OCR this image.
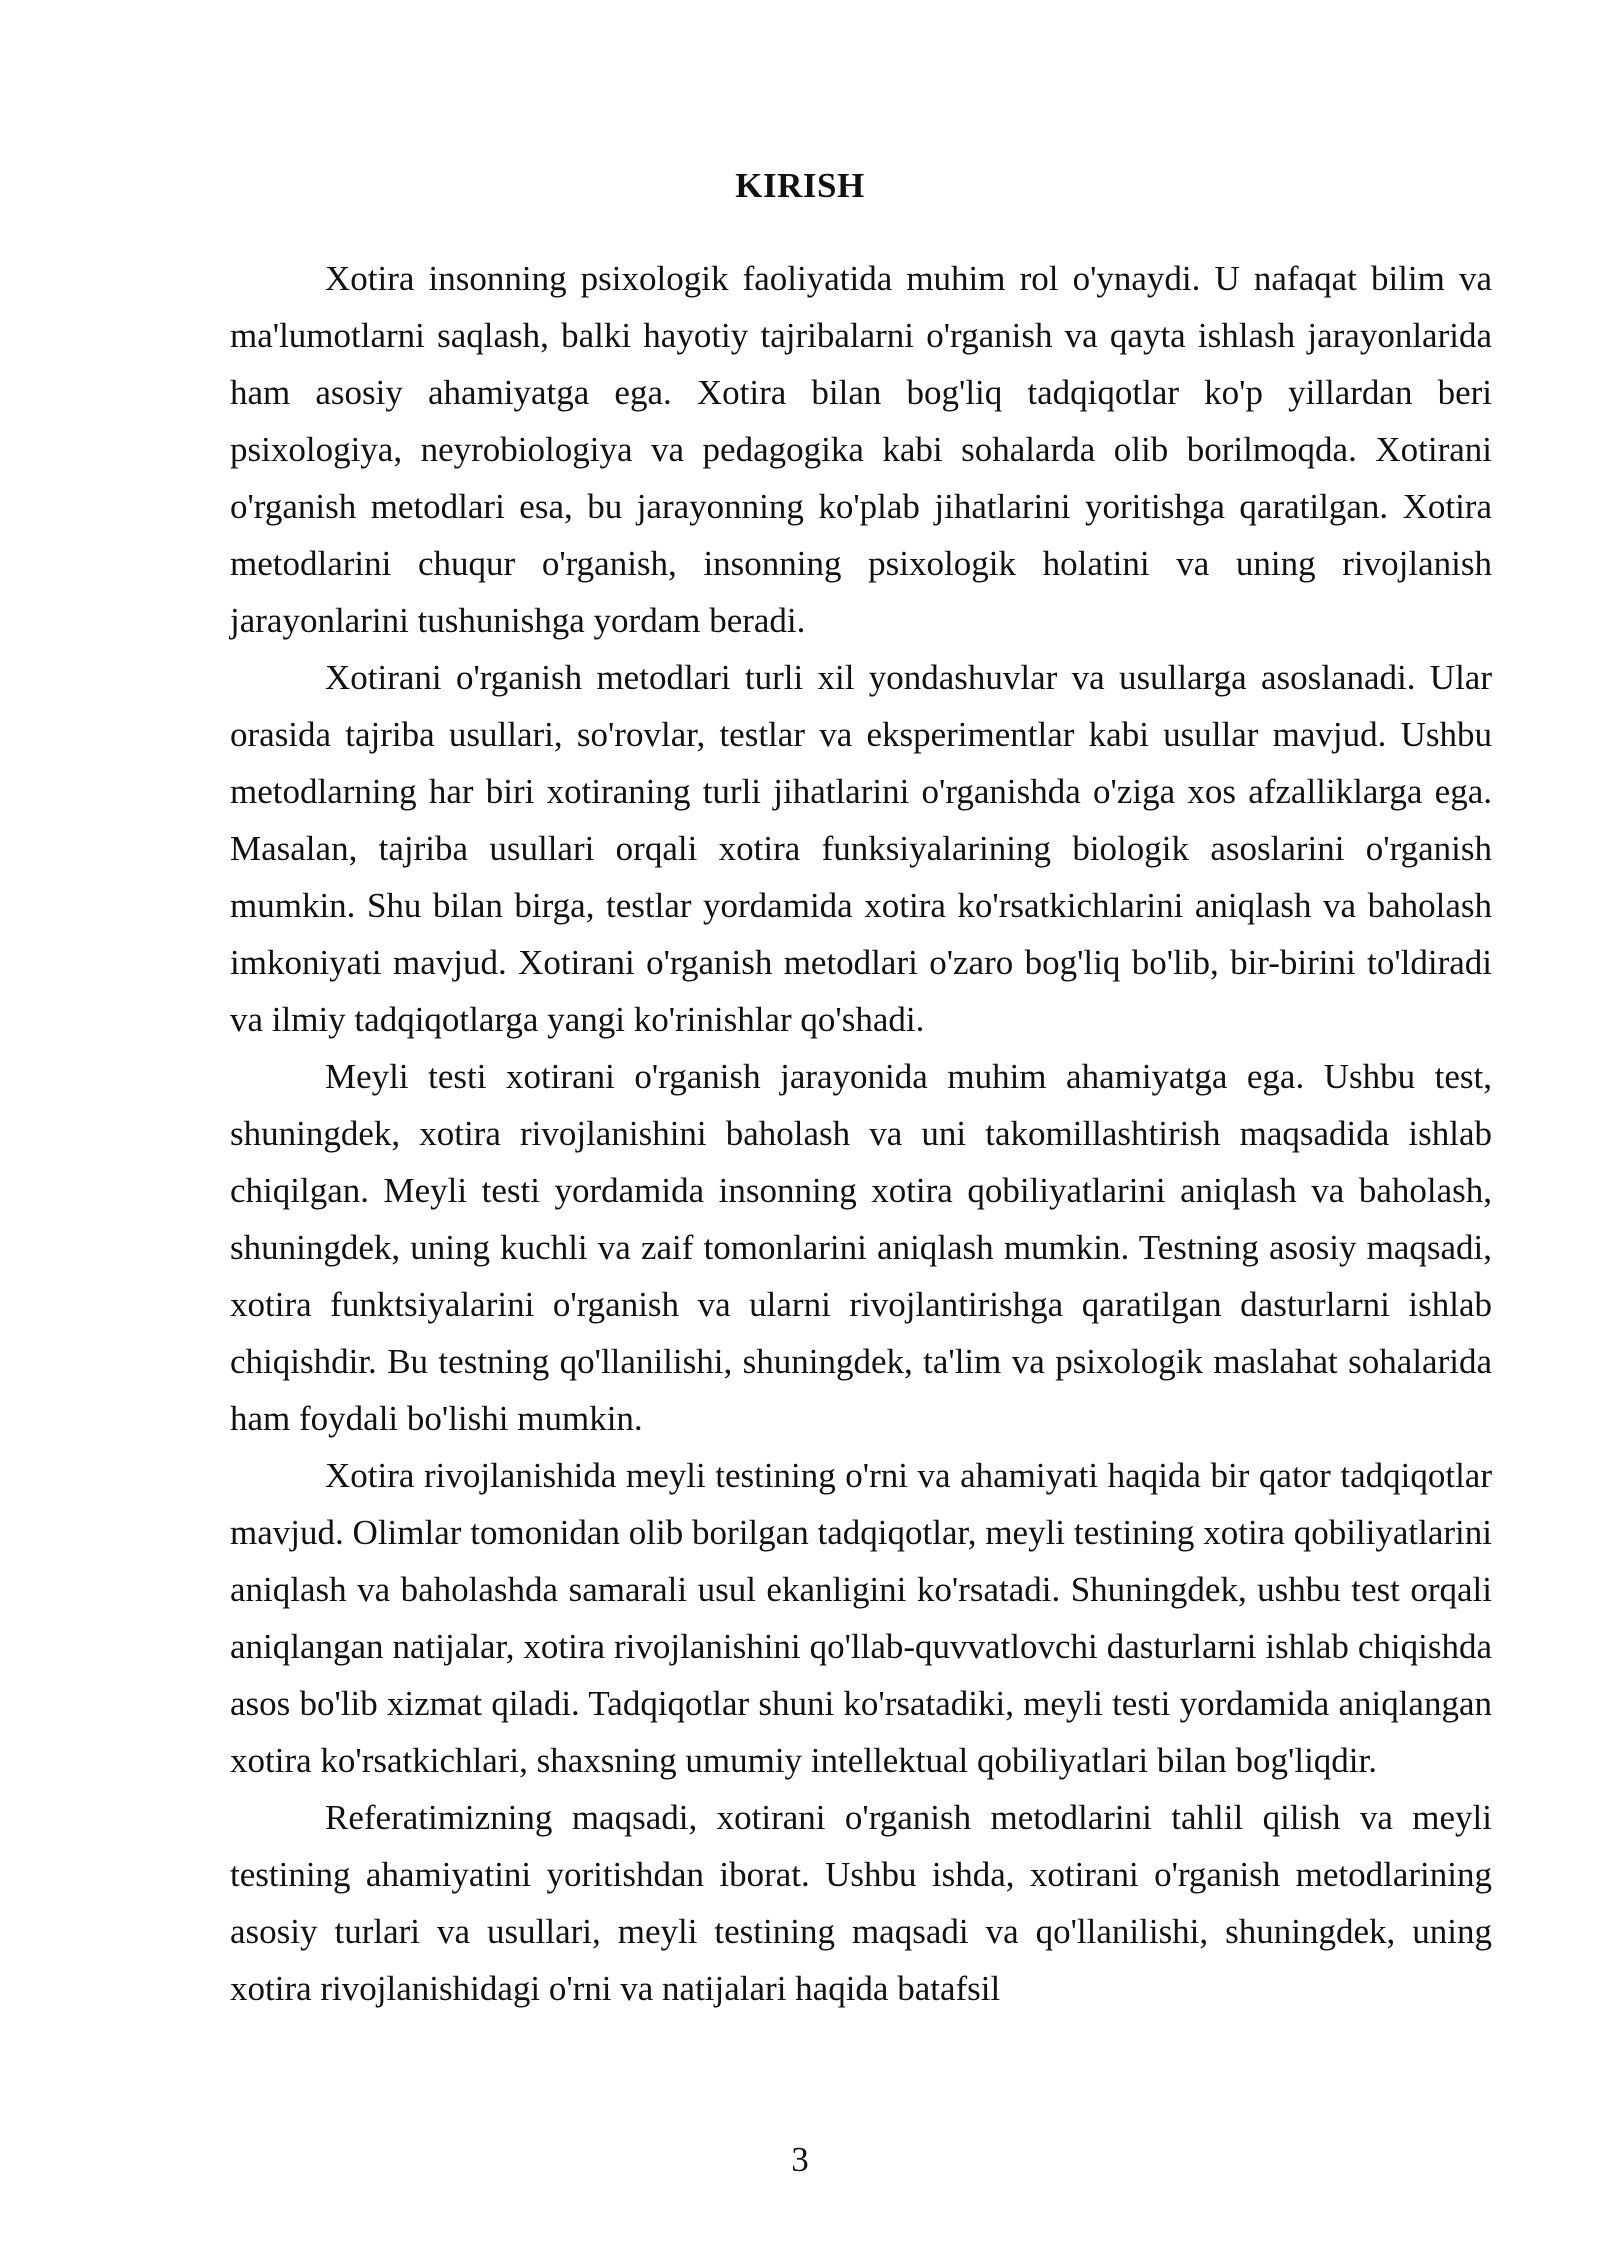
KIRISH

Xotira insonning psixologik faoliyatida muhim rol o'ynaydi. U nafaqat bilim va ma'lumotlarni saqlash, balki hayotiy tajribalarni o'rganish va qayta ishlash jarayonlarida ham asosiy ahamiyatga ega. Xotira bilan bog'liq tadqiqotlar ko'p yillardan beri psixologiya, neyrobiologiya va pedagogika kabi sohalarda olib borilmoqda. Xotirani o'rganish metodlari esa, bu jarayonning ko'plab jihatlarini yoritishga qaratilgan. Xotira metodlarini chuqur o'rganish, insonning psixologik holatini va uning rivojlanish jarayonlarini tushunishga yordam beradi.

Xotirani o'rganish metodlari turli xil yondashuvlar va usullarga asoslanadi. Ular orasida tajriba usullari, so'rovlar, testlar va eksperimentlar kabi usullar mavjud. Ushbu metodlarning har biri xotiraning turli jihatlarini o'rganishda o'ziga xos afzalliklarga ega. Masalan, tajriba usullari orqali xotira funksiyalarining biologik asoslarini o'rganish mumkin. Shu bilan birga, testlar yordamida xotira ko'rsatkichlarini aniqlash va baholash imkoniyati mavjud. Xotirani o'rganish metodlari o'zaro bog'liq bo'lib, bir-birini to'ldiradi va ilmiy tadqiqotlarga yangi ko'rinishlar qo'shadi.

Meyli testi xotirani o'rganish jarayonida muhim ahamiyatga ega. Ushbu test, shuningdek, xotira rivojlanishini baholash va uni takomillashtirish maqsadida ishlab chiqilgan. Meyli testi yordamida insonning xotira qobiliyatlarini aniqlash va baholash, shuningdek, uning kuchli va zaif tomonlarini aniqlash mumkin. Testning asosiy maqsadi, xotira funktsiyalarini o'rganish va ularni rivojlantirishga qaratilgan dasturlarni ishlab chiqishdir. Bu testning qo'llanilishi, shuningdek, ta'lim va psixologik maslahat sohalarida ham foydali bo'lishi mumkin.

Xotira rivojlanishida meyli testining o'rni va ahamiyati haqida bir qator tadqiqotlar mavjud. Olimlar tomonidan olib borilgan tadqiqotlar, meyli testining xotira qobiliyatlarini aniqlash va baholashda samarali usul ekanligini ko'rsatadi. Shuningdek, ushbu test orqali aniqlangan natijalar, xotira rivojlanishini qo'llab-quvvatlovchi dasturlarni ishlab chiqishda asos bo'lib xizmat qiladi. Tadqiqotlar shuni ko'rsatadiki, meyli testi yordamida aniqlangan xotira ko'rsatkichlari, shaxsning umumiy intellektual qobiliyatlari bilan bog'liqdir.

Referatimizning maqsadi, xotirani o'rganish metodlarini tahlil qilish va meyli testining ahamiyatini yoritishdan iborat. Ushbu ishda, xotirani o'rganish metodlarining asosiy turlari va usullari, meyli testining maqsadi va qo'llanilishi, shuningdek, uning xotira rivojlanishidagi o'rni va natijalari haqida batafsil

3
